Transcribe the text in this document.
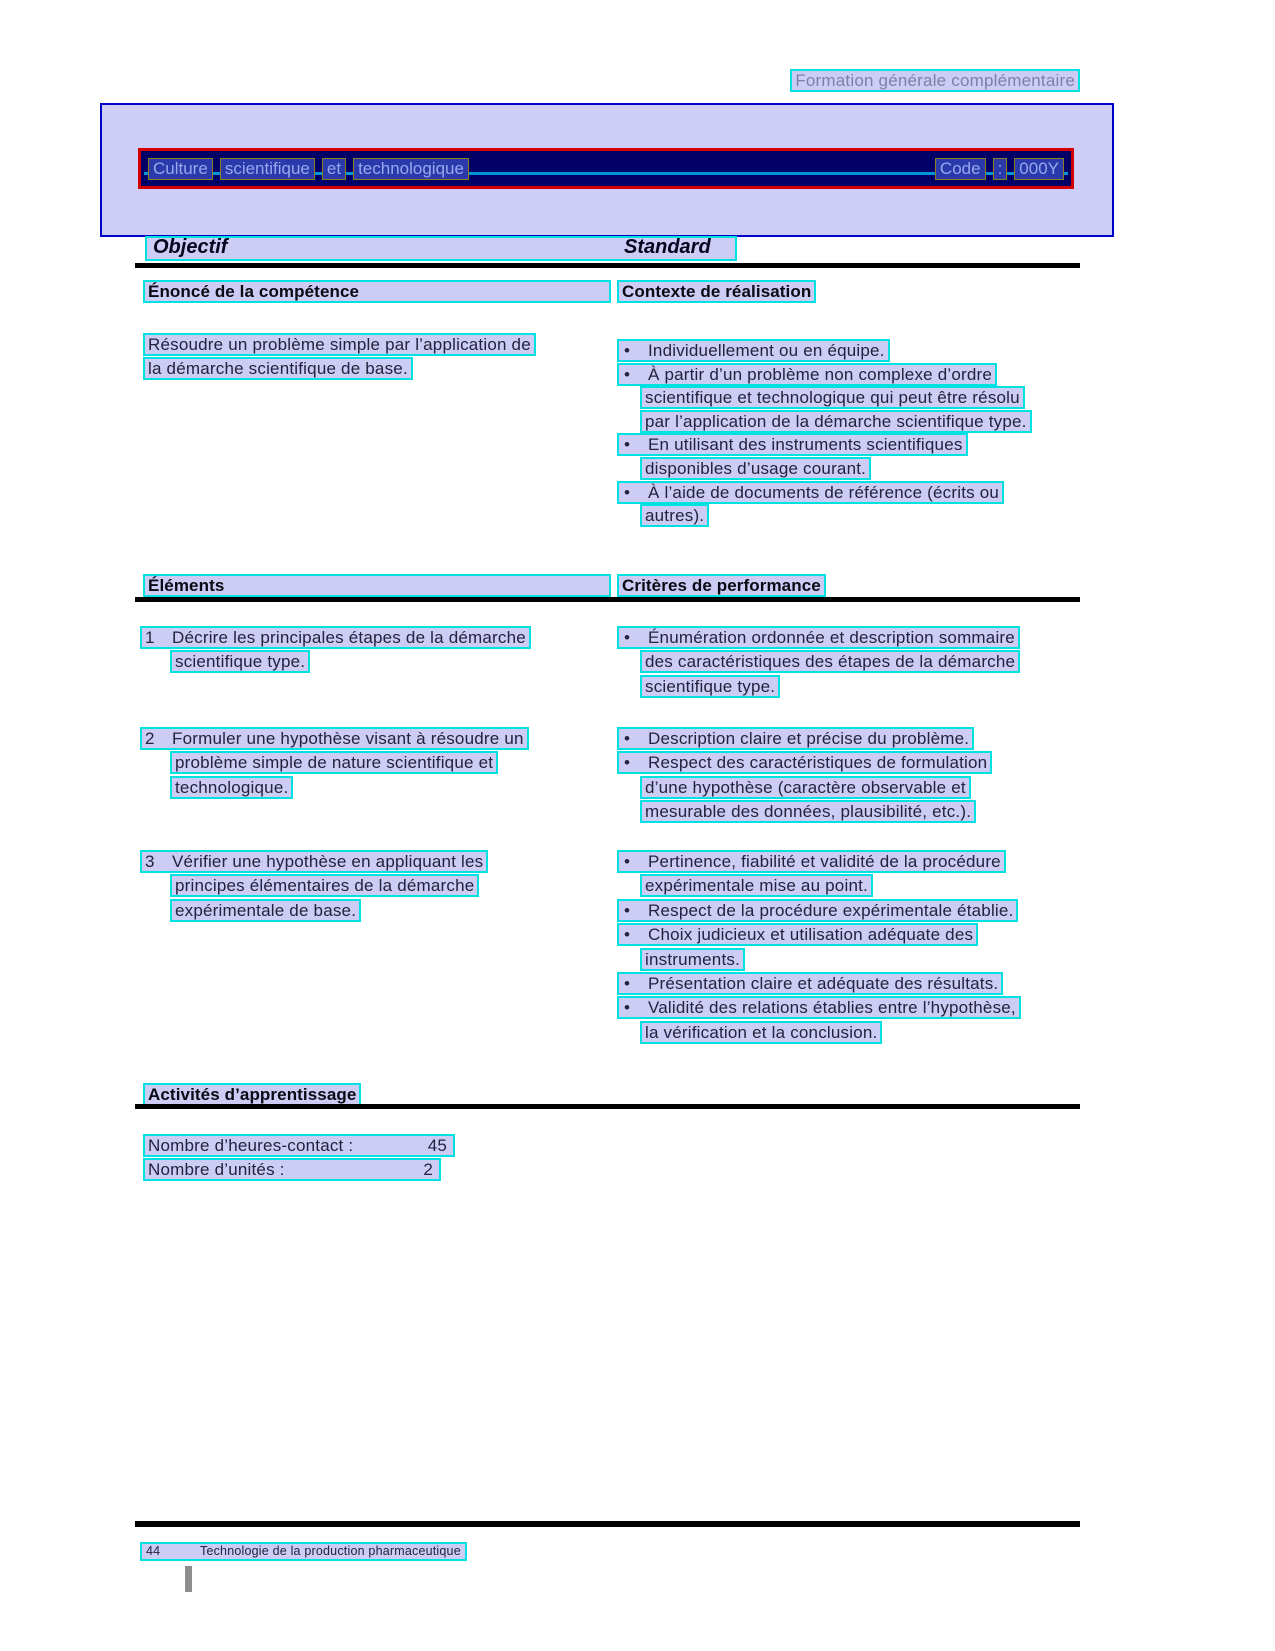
Formation générale complémentaire
Culture scientifique et technologique	Code : 000Y
Objectif	Standard
Énoncé de la compétence	Contexte de réalisation
Résoudre un problème simple par l’application de
la démarche scientifique de base.
• Individuellement ou en équipe.
• À partir d’un problème non complexe d’ordre
scientifique et technologique qui peut être résolu
par l’application de la démarche scientifique type.
• En utilisant des instruments scientifiques
disponibles d’usage courant.
• À l’aide de documents de référence (écrits ou
autres).
Éléments	Critères de performance
1 Décrire les principales étapes de la démarche
scientifique type.
• Énumération ordonnée et description sommaire
des caractéristiques des étapes de la démarche
scientifique type.
2 Formuler une hypothèse visant à résoudre un
problème simple de nature scientifique et
technologique.
• Description claire et précise du problème.
• Respect des caractéristiques de formulation
d’une hypothèse (caractère observable et
mesurable des données, plausibilité, etc.).
3 Vérifier une hypothèse en appliquant les
principes élémentaires de la démarche
expérimentale de base.
• Pertinence, fiabilité et validité de la procédure
expérimentale mise au point.
• Respect de la procédure expérimentale établie.
• Choix judicieux et utilisation adéquate des
instruments.
• Présentation claire et adéquate des résultats.
• Validité des relations établies entre l’hypothèse,
la vérification et la conclusion.
Activités d’apprentissage
Nombre d’heures-contact :	45
Nombre d’unités :	2
44	Technologie de la production pharmaceutique
